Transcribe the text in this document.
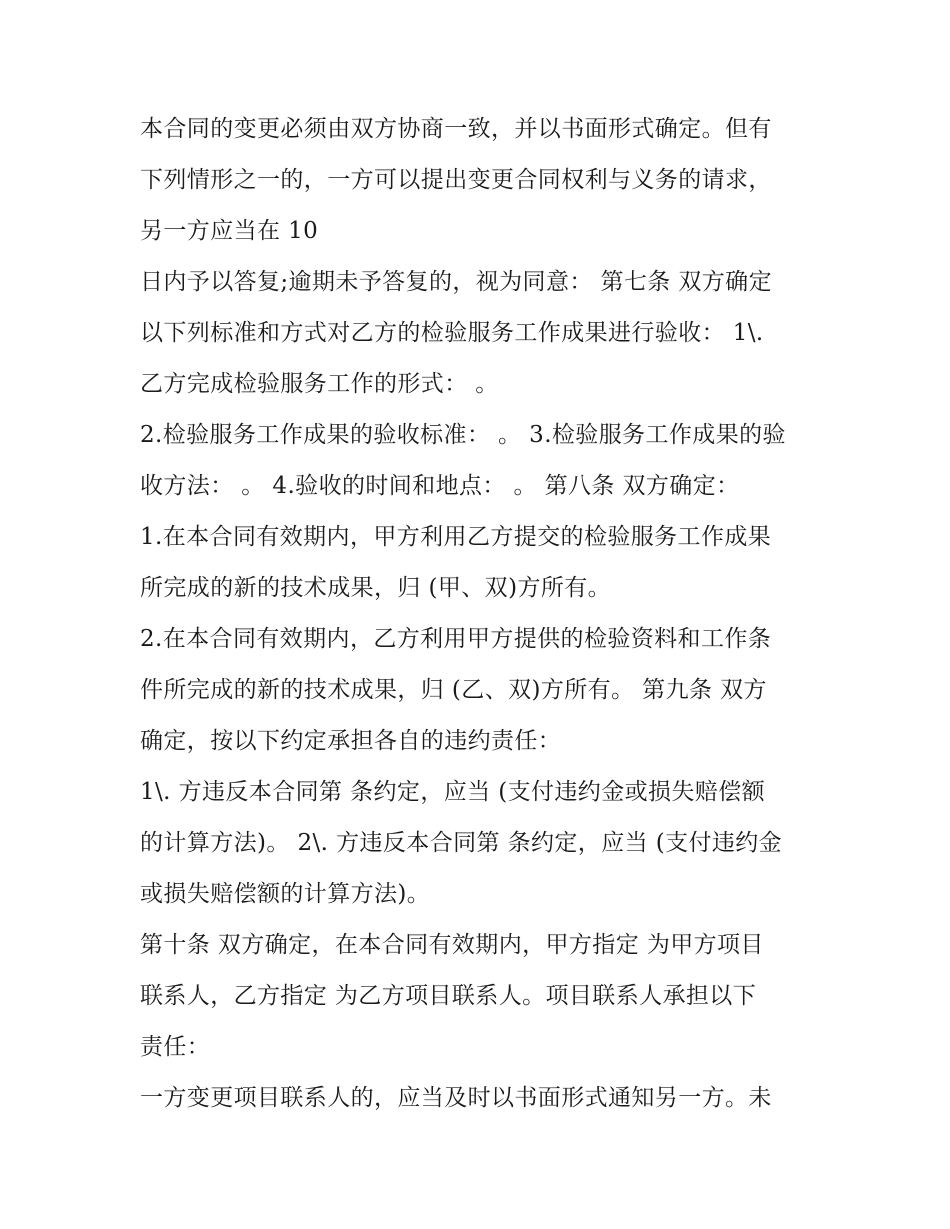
本合同的变更必须由双方协商一致，并以书面形式确定。但有
下列情形之一的，一方可以提出变更合同权利与义务的请求，
另一方应当在 10
日内予以答复;逾期未予答复的，视为同意： 第七条 双方确定
以下列标准和方式对乙方的检验服务工作成果进行验收： 1\.
乙方完成检验服务工作的形式： 。
2.检验服务工作成果的验收标准： 。 3.检验服务工作成果的验
收方法： 。 4.验收的时间和地点： 。 第八条 双方确定：
1.在本合同有效期内，甲方利用乙方提交的检验服务工作成果
所完成的新的技术成果，归 (甲、双)方所有。
2.在本合同有效期内，乙方利用甲方提供的检验资料和工作条
件所完成的新的技术成果，归 (乙、双)方所有。 第九条 双方
确定，按以下约定承担各自的违约责任：
1\. 方违反本合同第 条约定，应当 (支付违约金或损失赔偿额
的计算方法)。 2\. 方违反本合同第 条约定，应当 (支付违约金
或损失赔偿额的计算方法)。
第十条 双方确定，在本合同有效期内，甲方指定 为甲方项目
联系人，乙方指定 为乙方项目联系人。项目联系人承担以下
责任：
一方变更项目联系人的，应当及时以书面形式通知另一方。未
